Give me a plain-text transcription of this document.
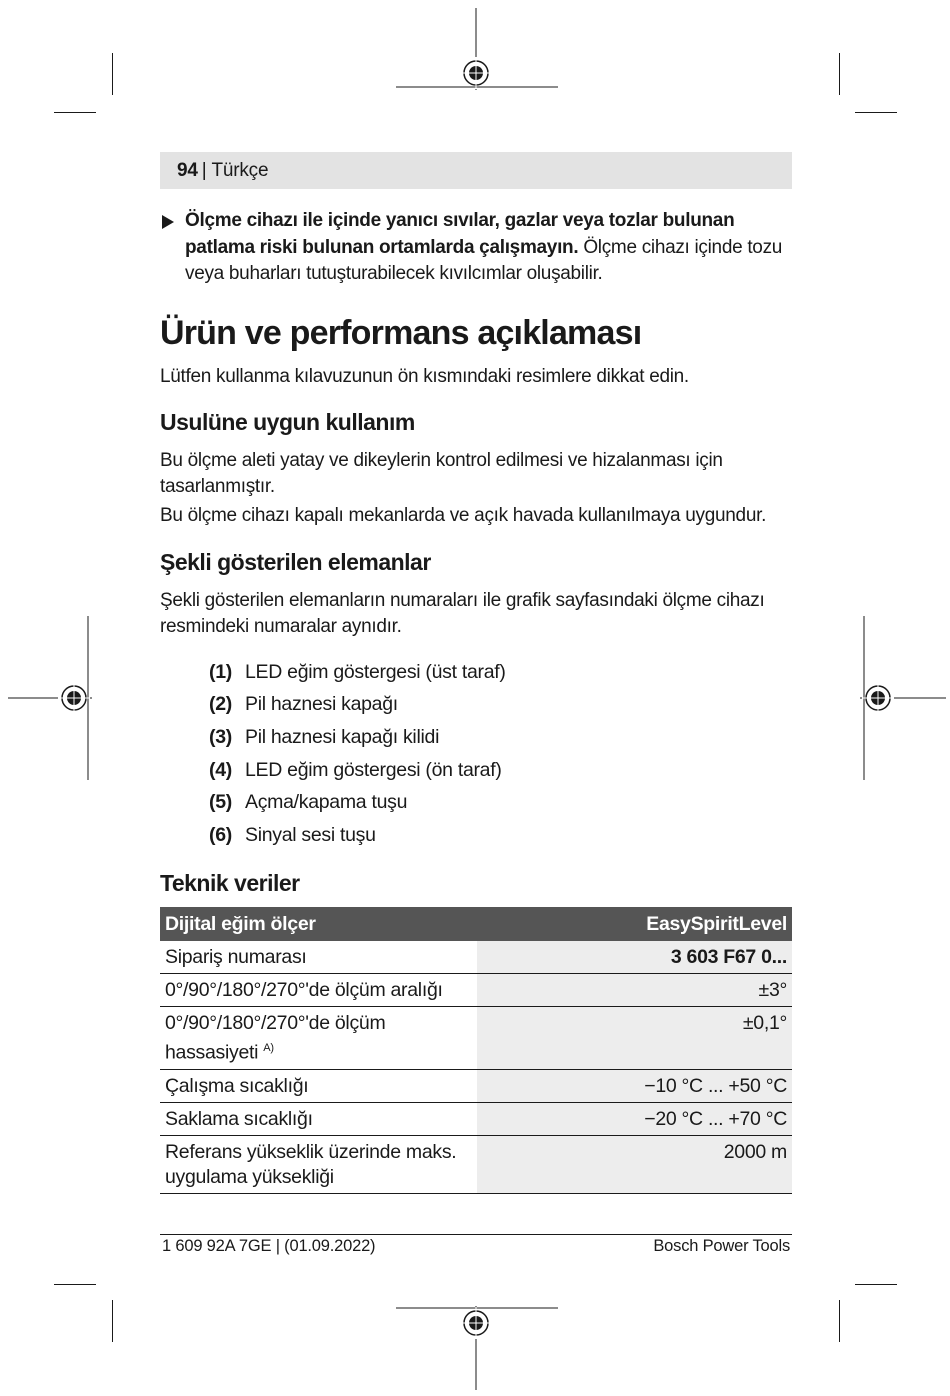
94 | Türkçe
Ölçme cihazı ile içinde yanıcı sıvılar, gazlar veya tozlar bulunan patlama riski bulunan ortamlarda çalışmayın. Ölçme cihazı içinde tozu veya buharları tutuşturabilecek kıvılcımlar oluşabilir.
Ürün ve performans açıklaması
Lütfen kullanma kılavuzunun ön kısmındaki resimlere dikkat edin.
Usulüne uygun kullanım
Bu ölçme aleti yatay ve dikeylerin kontrol edilmesi ve hizalanması için tasarlanmıştır.
Bu ölçme cihazı kapalı mekanlarda ve açık havada kullanılmaya uygundur.
Şekli gösterilen elemanlar
Şekli gösterilen elemanların numaraları ile grafik sayfasındaki ölçme cihazı resmindeki numaralar aynıdır.
(1) LED eğim göstergesi (üst taraf)
(2) Pil haznesi kapağı
(3) Pil haznesi kapağı kilidi
(4) LED eğim göstergesi (ön taraf)
(5) Açma/kapama tuşu
(6) Sinyal sesi tuşu
Teknik veriler
Dijital eğim ölçer	EasySpiritLevel
Sipariş numarası	3 603 F67 0...
0°/90°/180°/270°'de ölçüm aralığı	±3°
0°/90°/180°/270°'de ölçüm hassasiyeti $^{A)}$	±0,1°
Çalışma sıcaklığı	−10 °C ... +50 °C
Saklama sıcaklığı	−20 °C ... +70 °C
Referans yükseklik üzerinde maks. uygulama yüksekliği	2000 m
1 609 92A 7GE | (01.09.2022)	Bosch Power Tools
